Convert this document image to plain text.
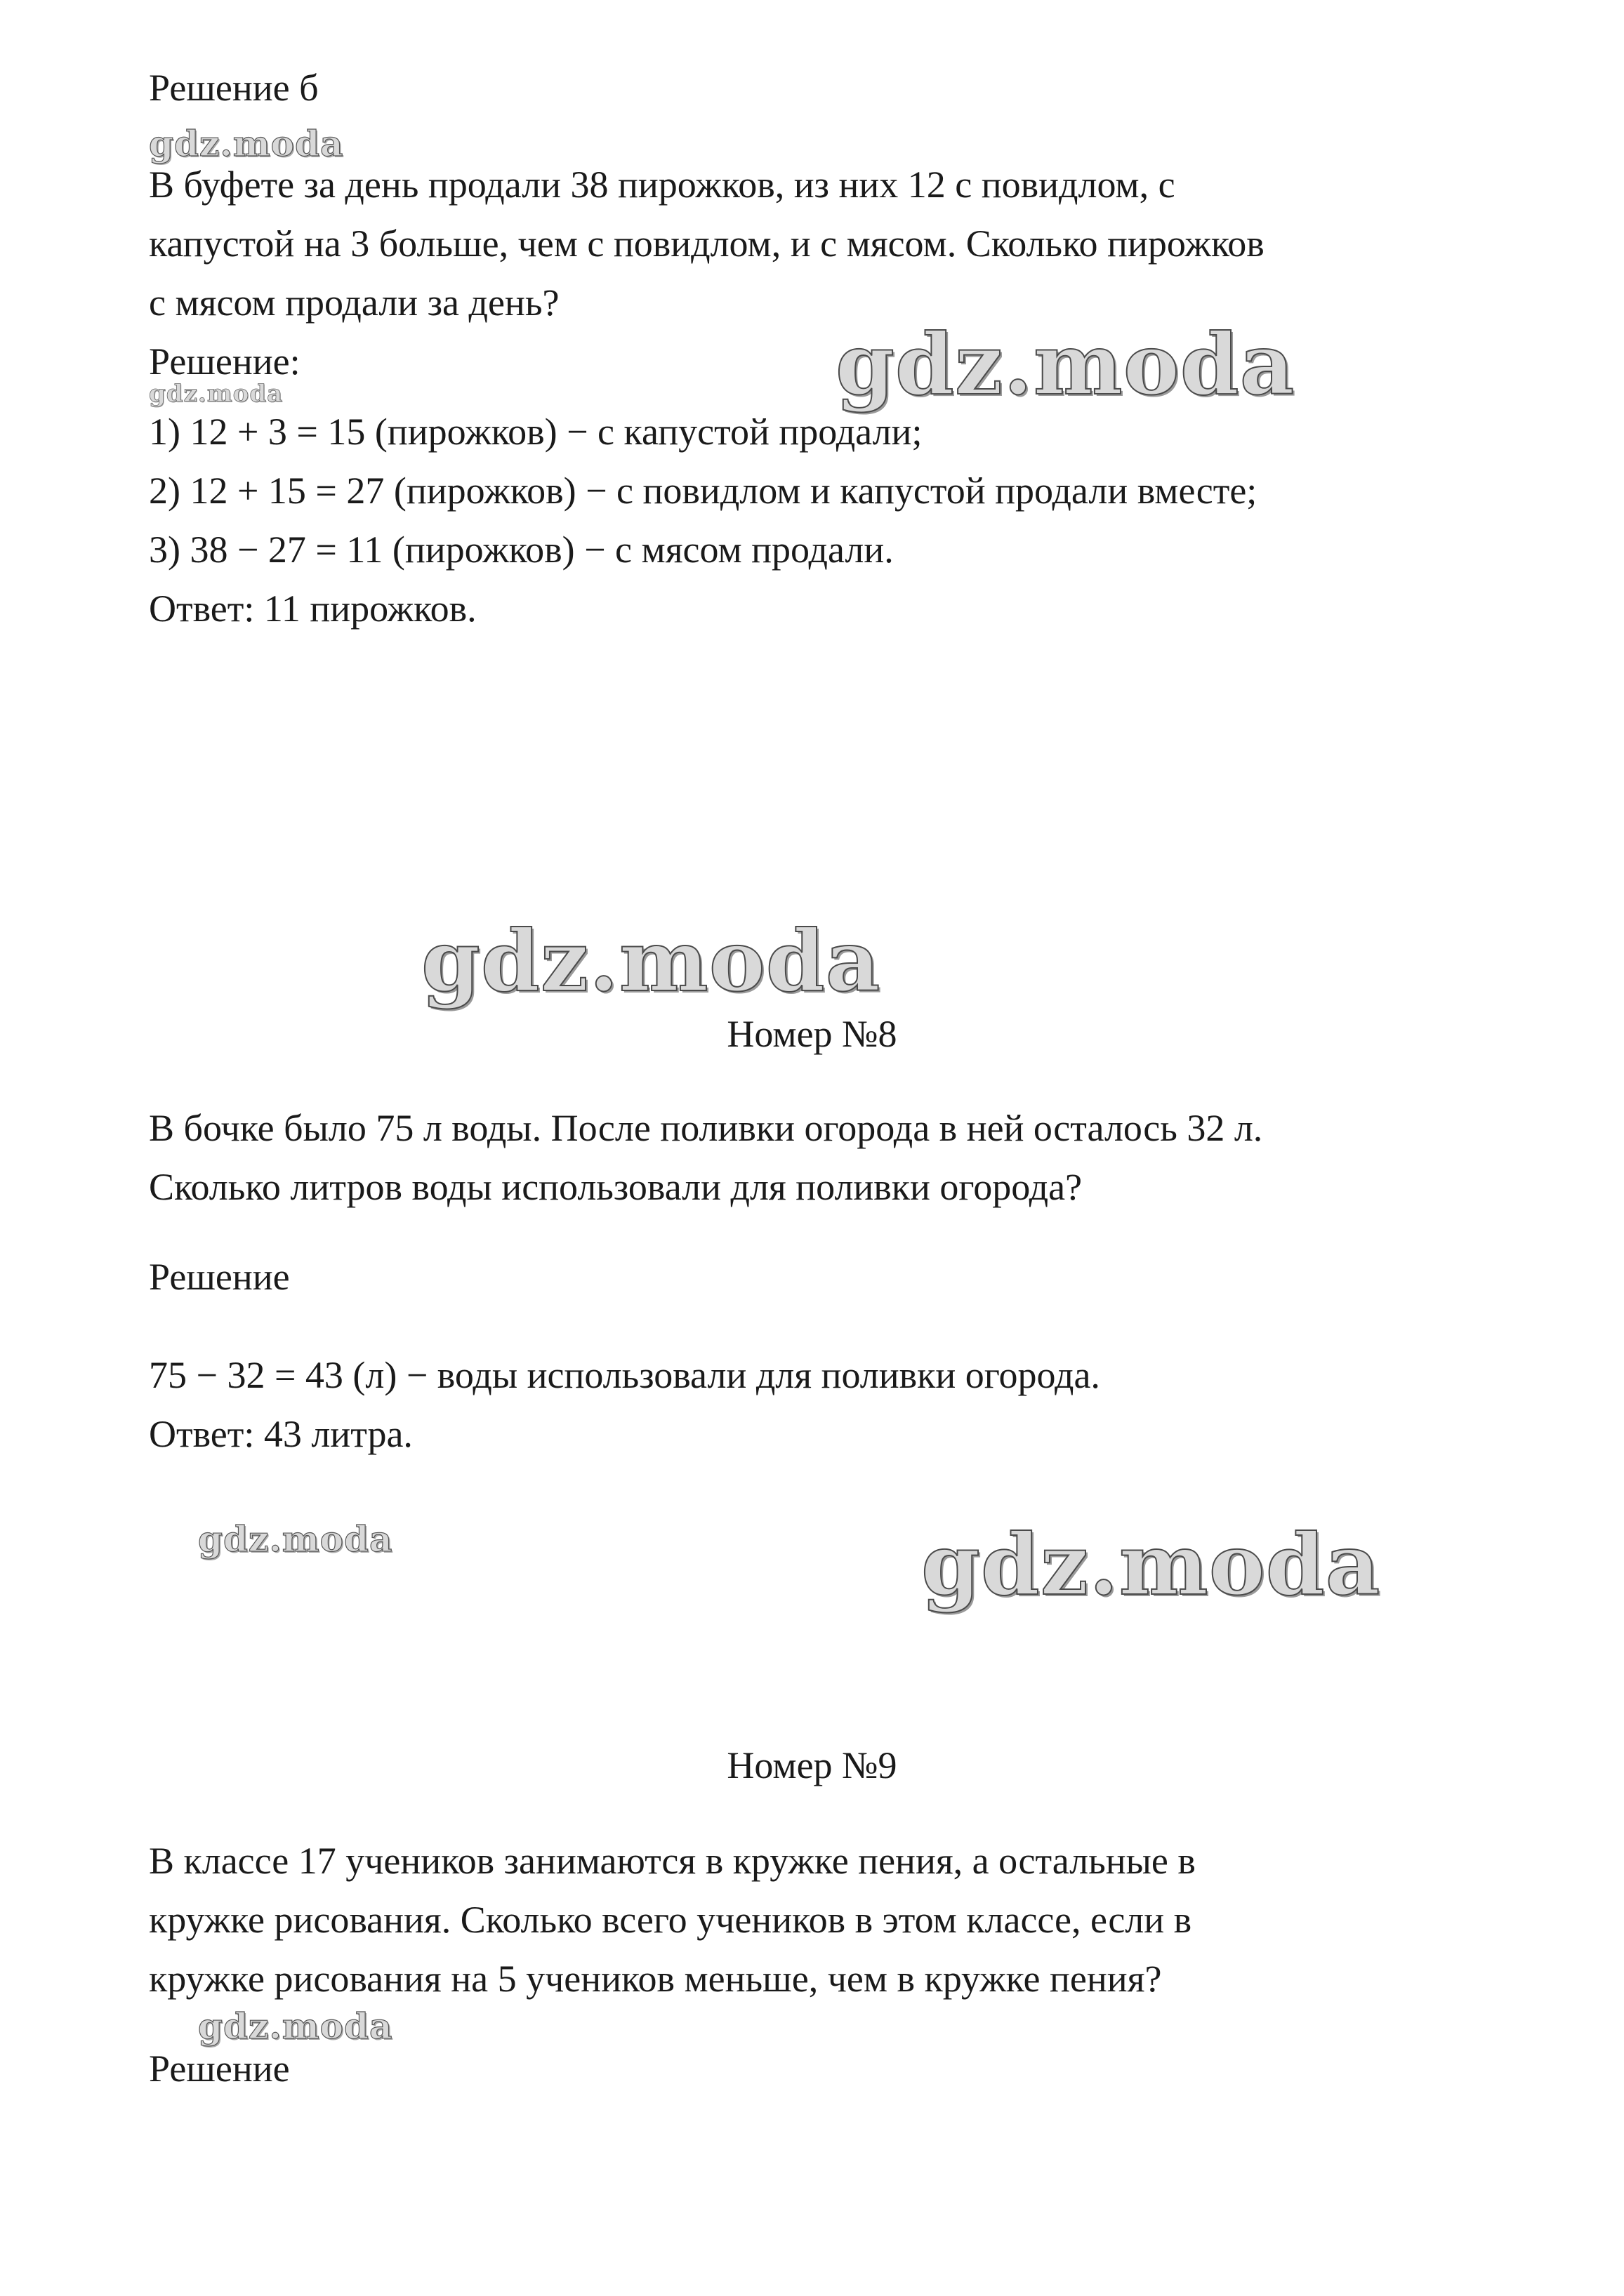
Решение б

В буфете за день продали 38 пирожков, из них 12 с повидлом, с

капустой на 3 больше, чем с повидлом, и с мясом. Сколько пирожков

с мясом продали за день?

Решение:

1) 12 + 3 = 15 (пирожков) − с капустой продали;

2) 12 + 15 = 27 (пирожков) − с повидлом и капустой продали вместе;

3) 38 − 27 = 11 (пирожков) − с мясом продали.

Ответ: 11 пирожков.

Номер №8

В бочке было 75 л воды. После поливки огорода в ней осталось 32 л.

Сколько литров воды использовали для поливки огорода?

Решение

75 − 32 = 43 (л) − воды использовали для поливки огорода.

Ответ: 43 литра.

Номер №9

В классе 17 учеников занимаются в кружке пения, а остальные в

кружке рисования. Сколько всего учеников в этом классе, если в

кружке рисования на 5 учеников меньше, чем в кружке пения?

Решение

gdz.moda
gdz.moda	gdz.moda
gdz.moda
gdz.moda	gdz.moda
gdz.moda
